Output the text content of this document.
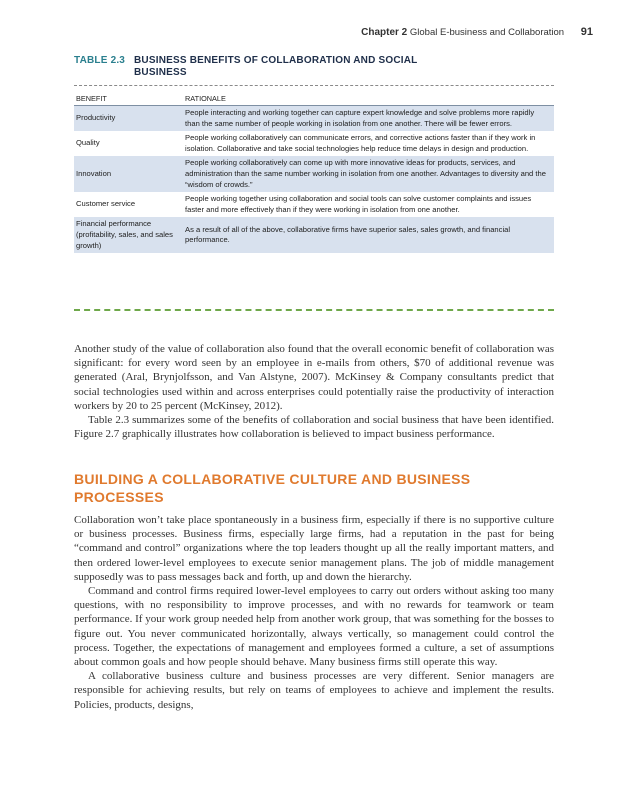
Chapter 2 Global E-business and Collaboration 91
TABLE 2.3 BUSINESS BENEFITS OF COLLABORATION AND SOCIAL BUSINESS
BENEFIT	RATIONALE
Productivity	People interacting and working together can capture expert knowledge and solve problems more rapidly than the same number of people working in isolation from one another. There will be fewer errors.
Quality	People working collaboratively can communicate errors, and corrective actions faster than if they work in isolation. Collaborative and take social technologies help reduce time delays in design and production.
Innovation	People working collaboratively can come up with more innovative ideas for products, services, and administration than the same number working in isolation from one another. Advantages to diversity and the “wisdom of crowds.”
Customer service	People working together using collaboration and social tools can solve customer complaints and issues faster and more effectively than if they were working in isolation from one another.
Financial performance (profitability, sales, and sales growth)	As a result of all of the above, collaborative firms have superior sales, sales growth, and financial performance.

Another study of the value of collaboration also found that the overall economic benefit of collaboration was significant: for every word seen by an employee in e-mails from others, $70 of additional revenue was generated (Aral, Brynjolfsson, and Van Alstyne, 2007). McKinsey & Company consultants predict that social technologies used within and across enterprises could potentially raise the productivity of interaction workers by 20 to 25 percent (McKinsey, 2012).

Table 2.3 summarizes some of the benefits of collaboration and social business that have been identified. Figure 2.7 graphically illustrates how collaboration is believed to impact business performance.

BUILDING A COLLABORATIVE CULTURE AND BUSINESS PROCESSES

Collaboration won’t take place spontaneously in a business firm, especially if there is no supportive culture or business processes. Business firms, especially large firms, had a reputation in the past for being “command and control” organizations where the top leaders thought up all the really important matters, and then ordered lower-level employees to execute senior management plans. The job of middle management supposedly was to pass messages back and forth, up and down the hierarchy.

Command and control firms required lower-level employees to carry out orders without asking too many questions, with no responsibility to improve processes, and with no rewards for teamwork or team performance. If your work group needed help from another work group, that was something for the bosses to figure out. You never communicated horizontally, always vertically, so management could control the process. Together, the expectations of management and employees formed a culture, a set of assumptions about common goals and how people should behave. Many business firms still operate this way.

A collaborative business culture and business processes are very different. Senior managers are responsible for achieving results, but rely on teams of employees to achieve and implement the results. Policies, products, designs,
